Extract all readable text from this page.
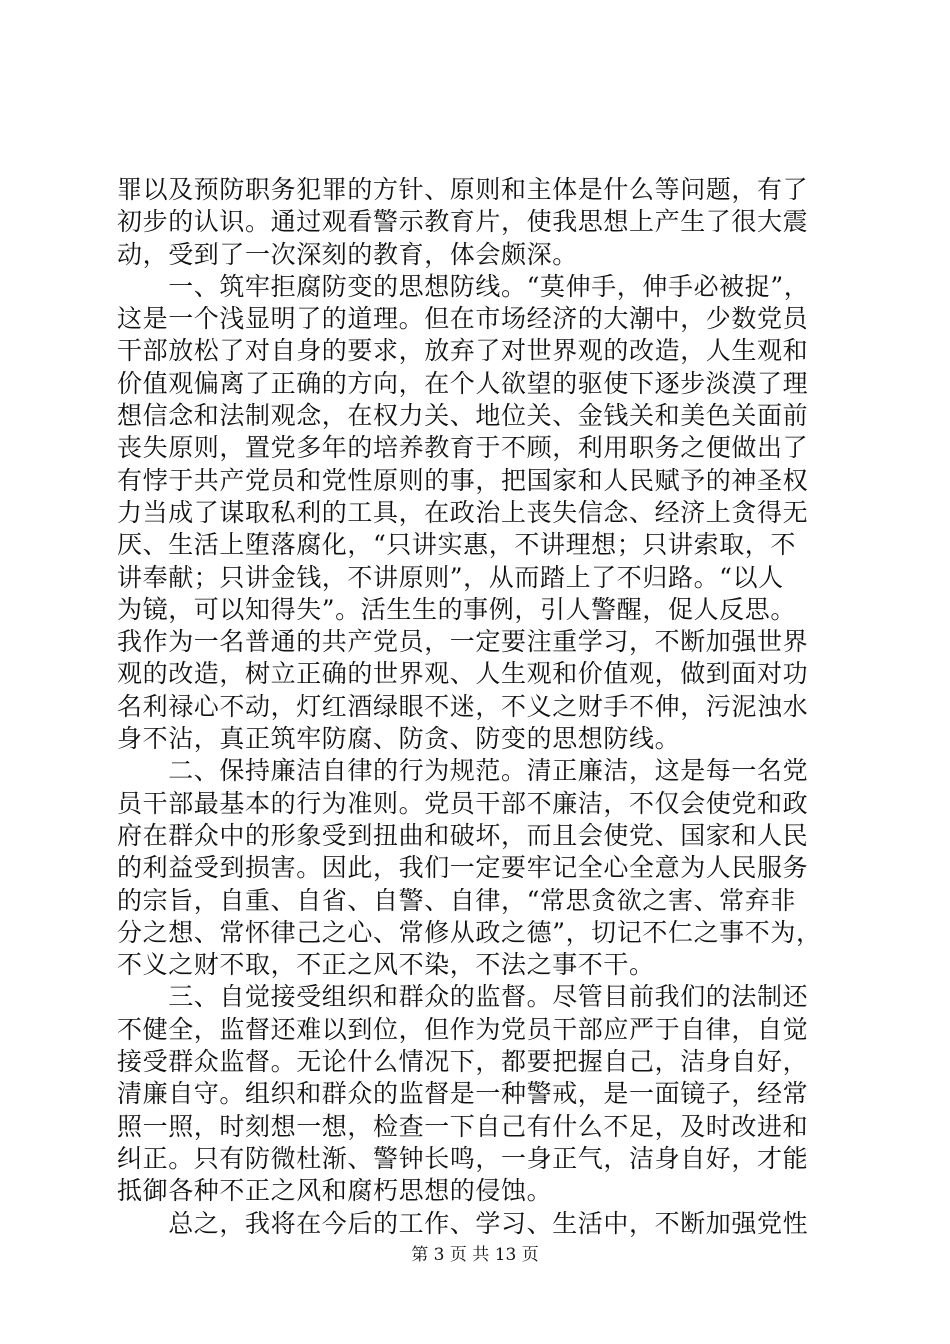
罪以及预防职务犯罪的方针、原则和主体是什么等问题，有了
初步的认识。通过观看警示教育片，使我思想上产生了很大震
动，受到了一次深刻的教育，体会颇深。
　　一、筑牢拒腐防变的思想防线。“莫伸手，伸手必被捉”，
这是一个浅显明了的道理。但在市场经济的大潮中，少数党员
干部放松了对自身的要求，放弃了对世界观的改造，人生观和
价值观偏离了正确的方向，在个人欲望的驱使下逐步淡漠了理
想信念和法制观念，在权力关、地位关、金钱关和美色关面前
丧失原则，置党多年的培养教育于不顾，利用职务之便做出了
有悖于共产党员和党性原则的事，把国家和人民赋予的神圣权
力当成了谋取私利的工具，在政治上丧失信念、经济上贪得无
厌、生活上堕落腐化，“只讲实惠，不讲理想；只讲索取，不
讲奉献；只讲金钱，不讲原则”，从而踏上了不归路。“以人
为镜，可以知得失”。活生生的事例，引人警醒，促人反思。
我作为一名普通的共产党员，一定要注重学习，不断加强世界
观的改造，树立正确的世界观、人生观和价值观，做到面对功
名利禄心不动，灯红酒绿眼不迷，不义之财手不伸，污泥浊水
身不沾，真正筑牢防腐、防贪、防变的思想防线。
　　二、保持廉洁自律的行为规范。清正廉洁，这是每一名党
员干部最基本的行为准则。党员干部不廉洁，不仅会使党和政
府在群众中的形象受到扭曲和破坏，而且会使党、国家和人民
的利益受到损害。因此，我们一定要牢记全心全意为人民服务
的宗旨，自重、自省、自警、自律，“常思贪欲之害、常弃非
分之想、常怀律己之心、常修从政之德”，切记不仁之事不为，
不义之财不取，不正之风不染，不法之事不干。
　　三、自觉接受组织和群众的监督。尽管目前我们的法制还
不健全，监督还难以到位，但作为党员干部应严于自律，自觉
接受群众监督。无论什么情况下，都要把握自己，洁身自好，
清廉自守。组织和群众的监督是一种警戒，是一面镜子，经常
照一照，时刻想一想，检查一下自己有什么不足，及时改进和
纠正。只有防微杜渐、警钟长鸣，一身正气，洁身自好，才能
抵御各种不正之风和腐朽思想的侵蚀。
　　总之，我将在今后的工作、学习、生活中，不断加强党性
第 3 页 共 13 页
